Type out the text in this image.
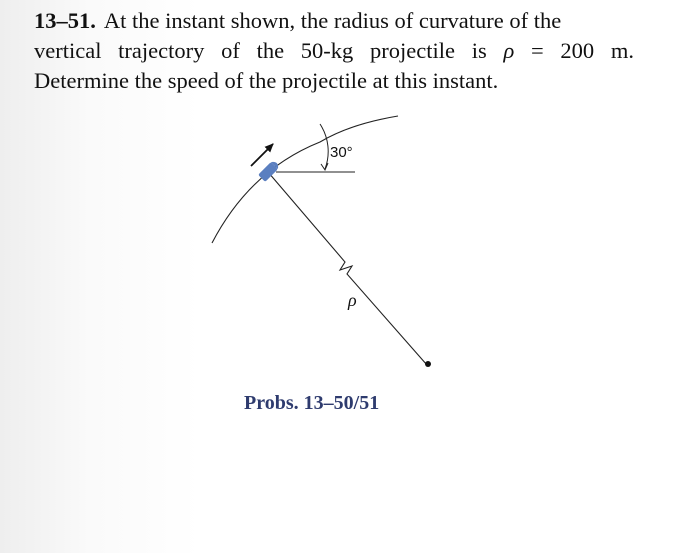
13–51. At the instant shown, the radius of curvature of the
vertical trajectory of the 50-kg projectile is ρ = 200 m.
Determine the speed of the projectile at this instant.
30°
ρ
Probs. 13–50/51
